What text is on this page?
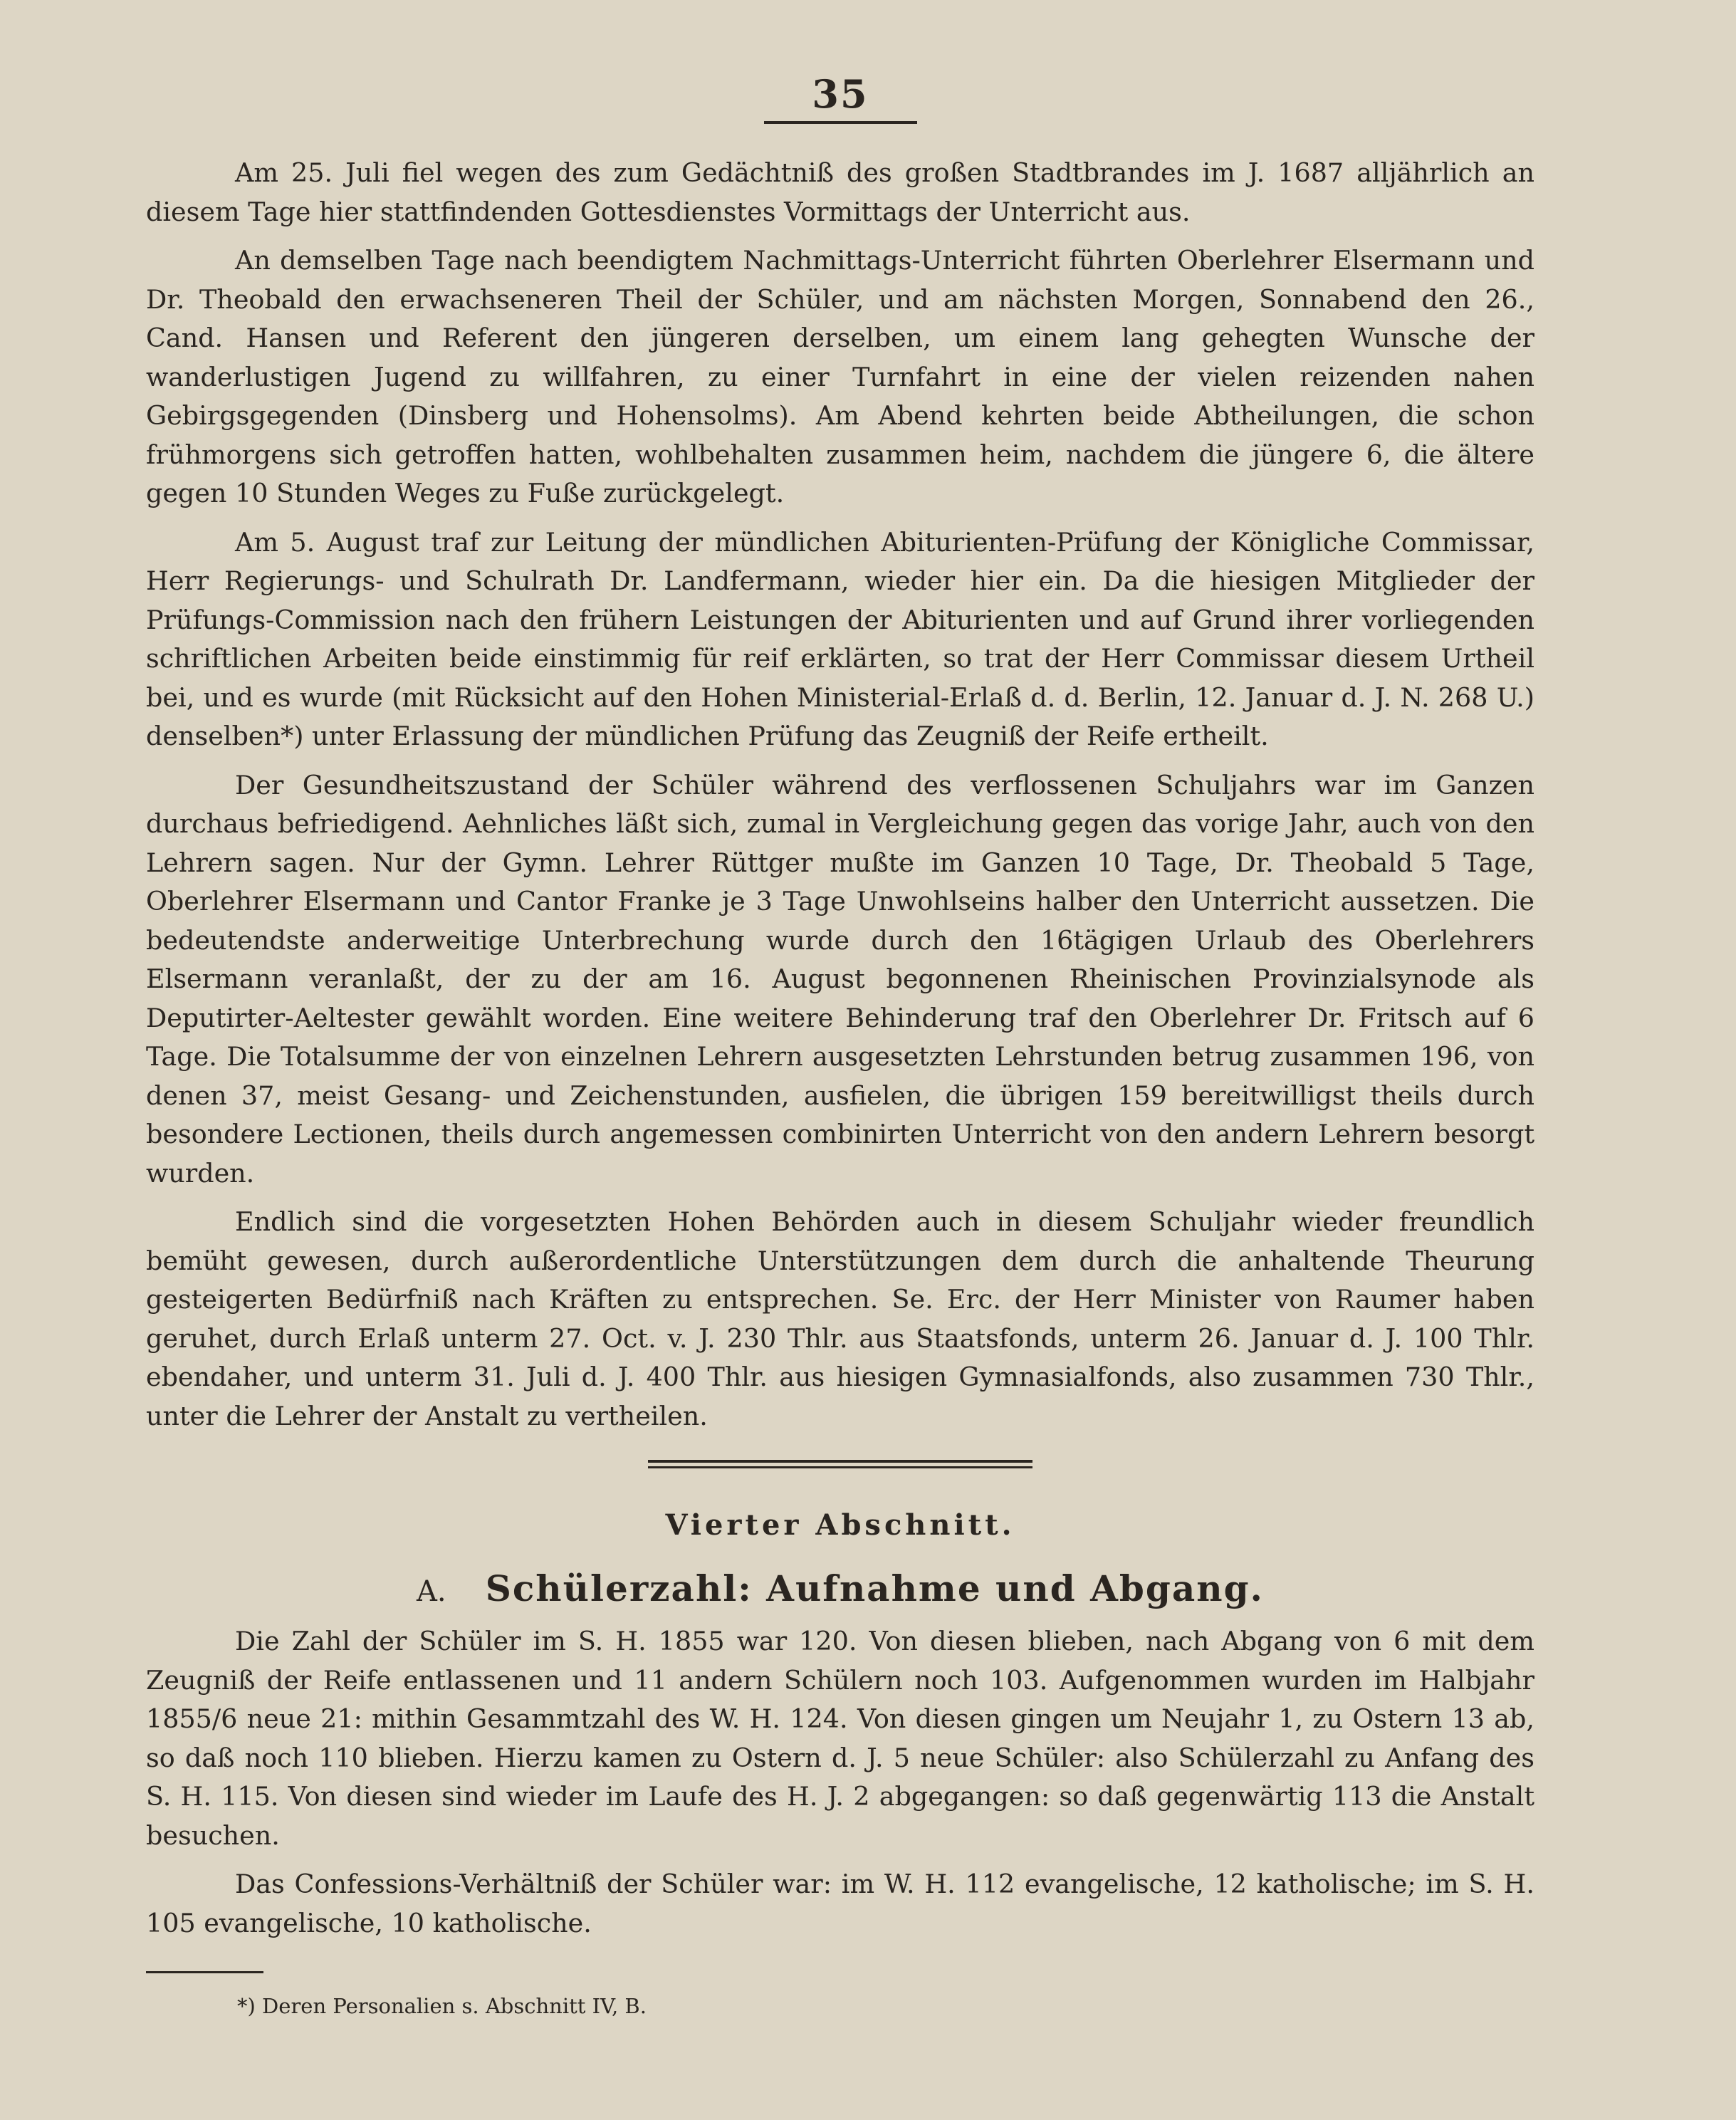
35

Am 25. Juli fiel wegen des zum Gedächtniß des großen Stadtbrandes im J. 1687 alljährlich an diesem Tage hier stattfindenden Gottesdienstes Vormittags der Unterricht aus.

An demselben Tage nach beendigtem Nachmittags-Unterricht führten Oberlehrer Elsermann und Dr. Theobald den erwachseneren Theil der Schüler, und am nächsten Morgen, Sonnabend den 26., Cand. Hansen und Referent den jüngeren derselben, um einem lang gehegten Wunsche der wanderlustigen Jugend zu willfahren, zu einer Turnfahrt in eine der vielen reizenden nahen Gebirgsgegenden (Dinsberg und Hohensolms). Am Abend kehrten beide Abtheilungen, die schon frühmorgens sich getroffen hatten, wohlbehalten zusammen heim, nachdem die jüngere 6, die ältere gegen 10 Stunden Weges zu Fuße zurückgelegt.

Am 5. August traf zur Leitung der mündlichen Abiturienten-Prüfung der Königliche Commissar, Herr Regierungs- und Schulrath Dr. Landfermann, wieder hier ein. Da die hiesigen Mitglieder der Prüfungs-Commission nach den frühern Leistungen der Abiturienten und auf Grund ihrer vorliegenden schriftlichen Arbeiten beide einstimmig für reif erklärten, so trat der Herr Commissar diesem Urtheil bei, und es wurde (mit Rücksicht auf den Hohen Ministerial-Erlaß d. d. Berlin, 12. Januar d. J. N. 268 U.) denselben*) unter Erlassung der mündlichen Prüfung das Zeugniß der Reife ertheilt.

Der Gesundheitszustand der Schüler während des verflossenen Schuljahrs war im Ganzen durchaus befriedigend. Aehnliches läßt sich, zumal in Vergleichung gegen das vorige Jahr, auch von den Lehrern sagen. Nur der Gymn. Lehrer Rüttger mußte im Ganzen 10 Tage, Dr. Theobald 5 Tage, Oberlehrer Elsermann und Cantor Franke je 3 Tage Unwohlseins halber den Unterricht aussetzen. Die bedeutendste anderweitige Unterbrechung wurde durch den 16tägigen Urlaub des Oberlehrers Elsermann veranlaßt, der zu der am 16. August begonnenen Rheinischen Provinzialsynode als Deputirter-Aeltester gewählt worden. Eine weitere Behinderung traf den Oberlehrer Dr. Fritsch auf 6 Tage. Die Totalsumme der von einzelnen Lehrern ausgesetzten Lehrstunden betrug zusammen 196, von denen 37, meist Gesang- und Zeichenstunden, ausfielen, die übrigen 159 bereitwilligst theils durch besondere Lectionen, theils durch angemessen combinirten Unterricht von den andern Lehrern besorgt wurden.

Endlich sind die vorgesetzten Hohen Behörden auch in diesem Schuljahr wieder freundlich bemüht gewesen, durch außerordentliche Unterstützungen dem durch die anhaltende Theurung gesteigerten Bedürfniß nach Kräften zu entsprechen. Se. Erc. der Herr Minister von Raumer haben geruhet, durch Erlaß unterm 27. Oct. v. J. 230 Thlr. aus Staatsfonds, unterm 26. Januar d. J. 100 Thlr. ebendaher, und unterm 31. Juli d. J. 400 Thlr. aus hiesigen Gymnasialfonds, also zusammen 730 Thlr., unter die Lehrer der Anstalt zu vertheilen.

Vierter Abschnitt.
A. Schülerzahl: Aufnahme und Abgang.

Die Zahl der Schüler im S. H. 1855 war 120. Von diesen blieben, nach Abgang von 6 mit dem Zeugniß der Reife entlassenen und 11 andern Schülern noch 103. Aufgenommen wurden im Halbjahr 1855/6 neue 21: mithin Gesammtzahl des W. H. 124. Von diesen gingen um Neujahr 1, zu Ostern 13 ab, so daß noch 110 blieben. Hierzu kamen zu Ostern d. J. 5 neue Schüler: also Schülerzahl zu Anfang des S. H. 115. Von diesen sind wieder im Laufe des H. J. 2 abgegangen: so daß gegenwärtig 113 die Anstalt besuchen.

Das Confessions-Verhältniß der Schüler war: im W. H. 112 evangelische, 12 katholische; im S. H. 105 evangelische, 10 katholische.

*) Deren Personalien s. Abschnitt IV, B.
